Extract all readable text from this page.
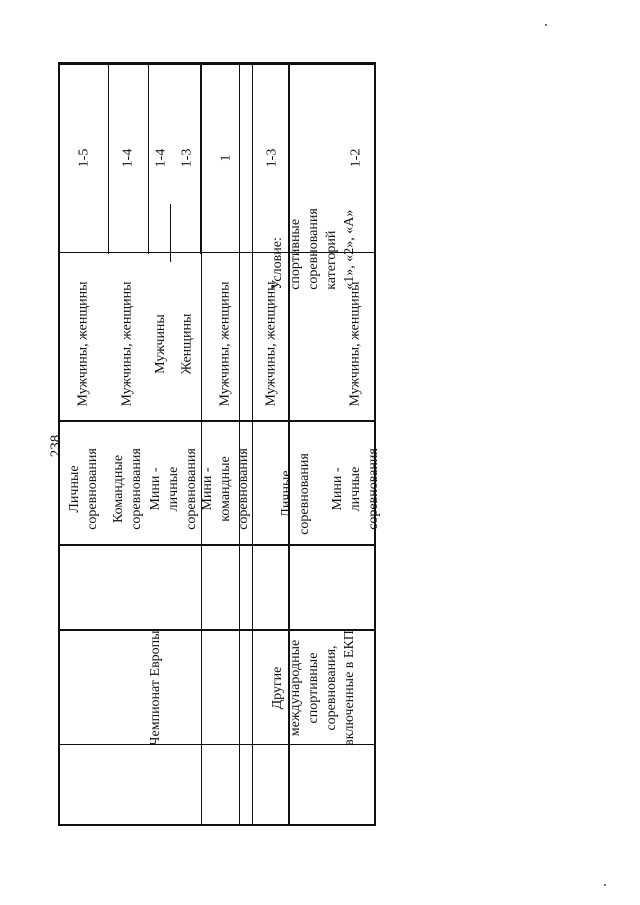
238
Личные соревнования Командные соревнования Мини - личные соревнования Мини - командные соревнования Личные соревнования Мини - личные соревнования
Чемпионат Европы	Другие международные спортивные соревнования, включенные в ЕКП
Мужчины, женщины Мужчины, женщины Мужчины Женщины Мужчины, женщины Мужчины, женщины
Условие: спортивные соревнования категорий «1», «2», «А»
Мужчины, женщины
1-5 1-4 1-4 1-3 1 1-3	1-2
